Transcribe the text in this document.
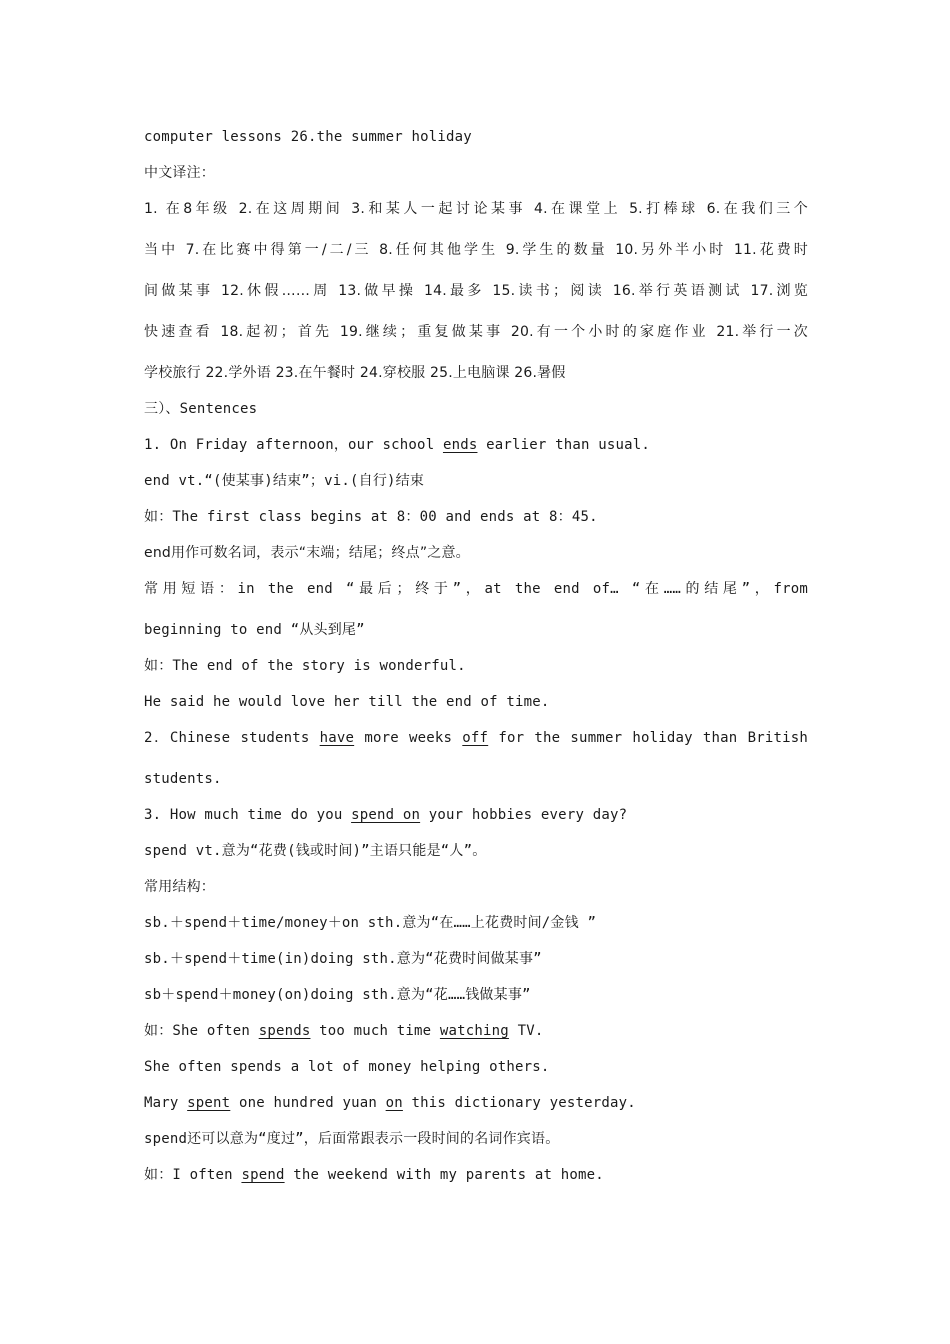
computer lessons 26.the summer holiday
中文译注：
1. 在8年级 2.在这周期间 3.和某人一起讨论某事 4.在课堂上 5.打棒球 6.在我们三个
当中 7.在比赛中得第一/二/三 8.任何其他学生 9.学生的数量 10.另外半小时 11.花费时
间做某事 12.休假……周 13.做早操 14.最多 15.读书；阅读 16.举行英语测试 17.浏览
快速查看 18.起初；首先 19.继续；重复做某事 20.有一个小时的家庭作业 21.举行一次
学校旅行 22.学外语 23.在午餐时 24.穿校服 25.上电脑课 26.暑假
三）、Sentences
1. On Friday afternoon，our school ends earlier than usual.
end vt.“(使某事)结束”；vi.(自行)结束
如：The first class begins at 8：00 and ends at 8：45.
end用作可数名词，表示“末端；结尾；终点”之意。
常用短语：in the end “最后；终于”，at the end of… “在……的结尾”，from
beginning to end “从头到尾”
如：The end of the story is wonderful.
He said he would love her till the end of time.
2．Chinese students have more weeks off for the summer holiday than British
students.
3. How much time do you spend on your hobbies every day?
spend vt.意为“花费(钱或时间)”主语只能是“人”。
常用结构：
sb.＋spend＋time/money＋on sth.意为“在……上花费时间/金钱 ”
sb.＋spend＋time(in)doing sth.意为“花费时间做某事”
sb＋spend＋money(on)doing sth.意为“花……钱做某事”
如：She often spends too much time watching TV.
She often spends a lot of money helping others.
Mary spent one hundred yuan on this dictionary yesterday.
spend还可以意为“度过”，后面常跟表示一段时间的名词作宾语。
如：I often spend the weekend with my parents at home.
